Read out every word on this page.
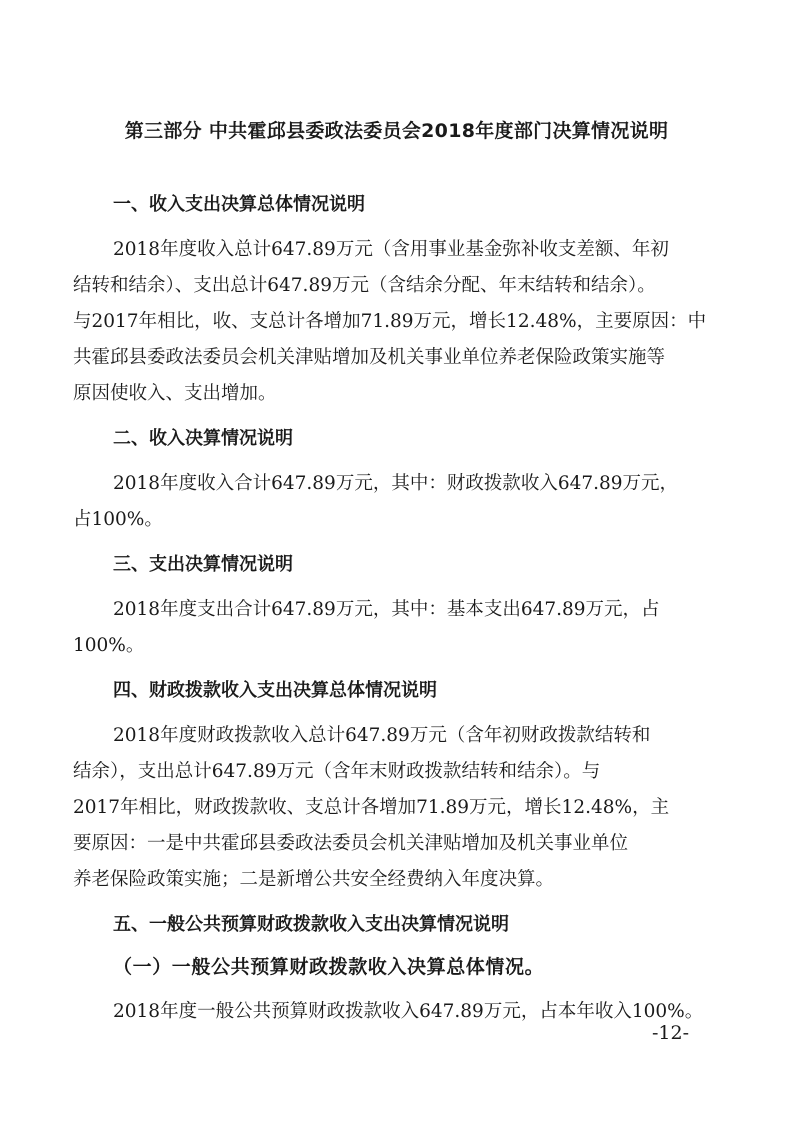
第三部分 中共霍邱县委政法委员会2018年度部门决算情况说明
一、收入支出决算总体情况说明
2018年度收入总计647.89万元（含用事业基金弥补收支差额、年初
结转和结余）、支出总计647.89万元（含结余分配、年末结转和结余）。
与2017年相比，收、支总计各增加71.89万元，增长12.48%，主要原因：中
共霍邱县委政法委员会机关津贴增加及机关事业单位养老保险政策实施等
原因使收入、支出增加。
二、收入决算情况说明
2018年度收入合计647.89万元，其中：财政拨款收入647.89万元，
占100%。
三、支出决算情况说明
2018年度支出合计647.89万元，其中：基本支出647.89万元，占
100%。
四、财政拨款收入支出决算总体情况说明
2018年度财政拨款收入总计647.89万元（含年初财政拨款结转和
结余），支出总计647.89万元（含年末财政拨款结转和结余）。与
2017年相比，财政拨款收、支总计各增加71.89万元，增长12.48%，主
要原因：一是中共霍邱县委政法委员会机关津贴增加及机关事业单位
养老保险政策实施；二是新增公共安全经费纳入年度决算。
五、一般公共预算财政拨款收入支出决算情况说明
（一）一般公共预算财政拨款收入决算总体情况。
2018年度一般公共预算财政拨款收入647.89万元，占本年收入100%。
-12-
